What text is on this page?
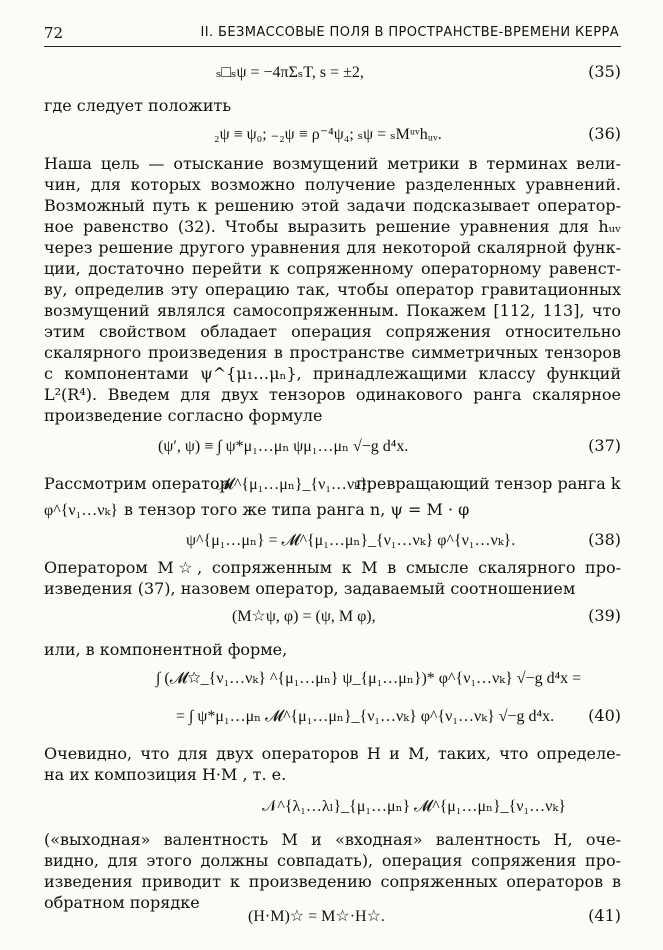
72	II. БЕЗМАССОВЫЕ ПОЛЯ В ПРОСТРАНСТВЕ-ВРЕМЕНИ КЕРРА
ₛ□ₛψ = −4πΣₛT, s = ±2,	(35)
где следует положить
₂ψ ≡ ψ₀; ₋₂ψ ≡ ρ⁻⁴ψ₄; ₛψ = ₛMᵘᵛhᵤᵥ.	(36)
Наша цель — отыскание возмущений метрики в терминах вели-
чин, для которых возможно получение разделенных уравнений.
Возможный путь к решению этой задачи подсказывает оператор-
ное равенство (32). Чтобы выразить решение уравнения для hᵤᵥ
через решение другого уравнения для некоторой скалярной функ-
ции, достаточно перейти к сопряженному операторному равенст-
ву, определив эту операцию так, чтобы оператор гравитационных
возмущений являлся самосопряженным. Покажем [112, 113], что
этим свойством обладает операция сопряжения относительно
скалярного произведения в пространстве симметричных тензоров
с компонентами ψ^{μ₁…μₙ}, принадлежащими классу функций
L²(R⁴). Введем для двух тензоров одинакового ранга скалярное
произведение согласно формуле
(ψ′, ψ) ≡ ∫ ψ*μ₁…μₙ ψμ₁…μₙ √−g d⁴x.	(37)
Рассмотрим оператор
𝓜^{μ₁…μₙ}_{ν₁…νₖ},
превращающий тензор ранга k
φ^{ν₁…νₖ} в тензор того же типа ранга n, ψ = M · φ
ψ^{μ₁…μₙ} = 𝓜^{μ₁…μₙ}_{ν₁…νₖ} φ^{ν₁…νₖ}.	(38)
Оператором M☆, сопряженным к M в смысле скалярного про-
изведения (37), назовем оператор, задаваемый соотношением
(M☆ψ, φ) = (ψ, M φ),	(39)
или, в компонентной форме,
∫ (𝓜☆_{ν₁…νₖ} ^{μ₁…μₙ} ψ_{μ₁…μₙ})* φ^{ν₁…νₖ} √−g d⁴x =
= ∫ ψ*μ₁…μₙ 𝓜^{μ₁…μₙ}_{ν₁…νₖ} φ^{ν₁…νₖ} √−g d⁴x. (40)
Очевидно, что для двух операторов H и M, таких, что определе-
на их композиция H·M , т. е.
𝒩^{λ₁…λₗ}_{μ₁…μₙ} 𝓜^{μ₁…μₙ}_{ν₁…νₖ}
(«выходная» валентность M и «входная» валентность H, оче-
видно, для этого должны совпадать), операция сопряжения про-
изведения приводит к произведению сопряженных операторов в
обратном порядке
(H·M)☆ = M☆·H☆.	(41)
